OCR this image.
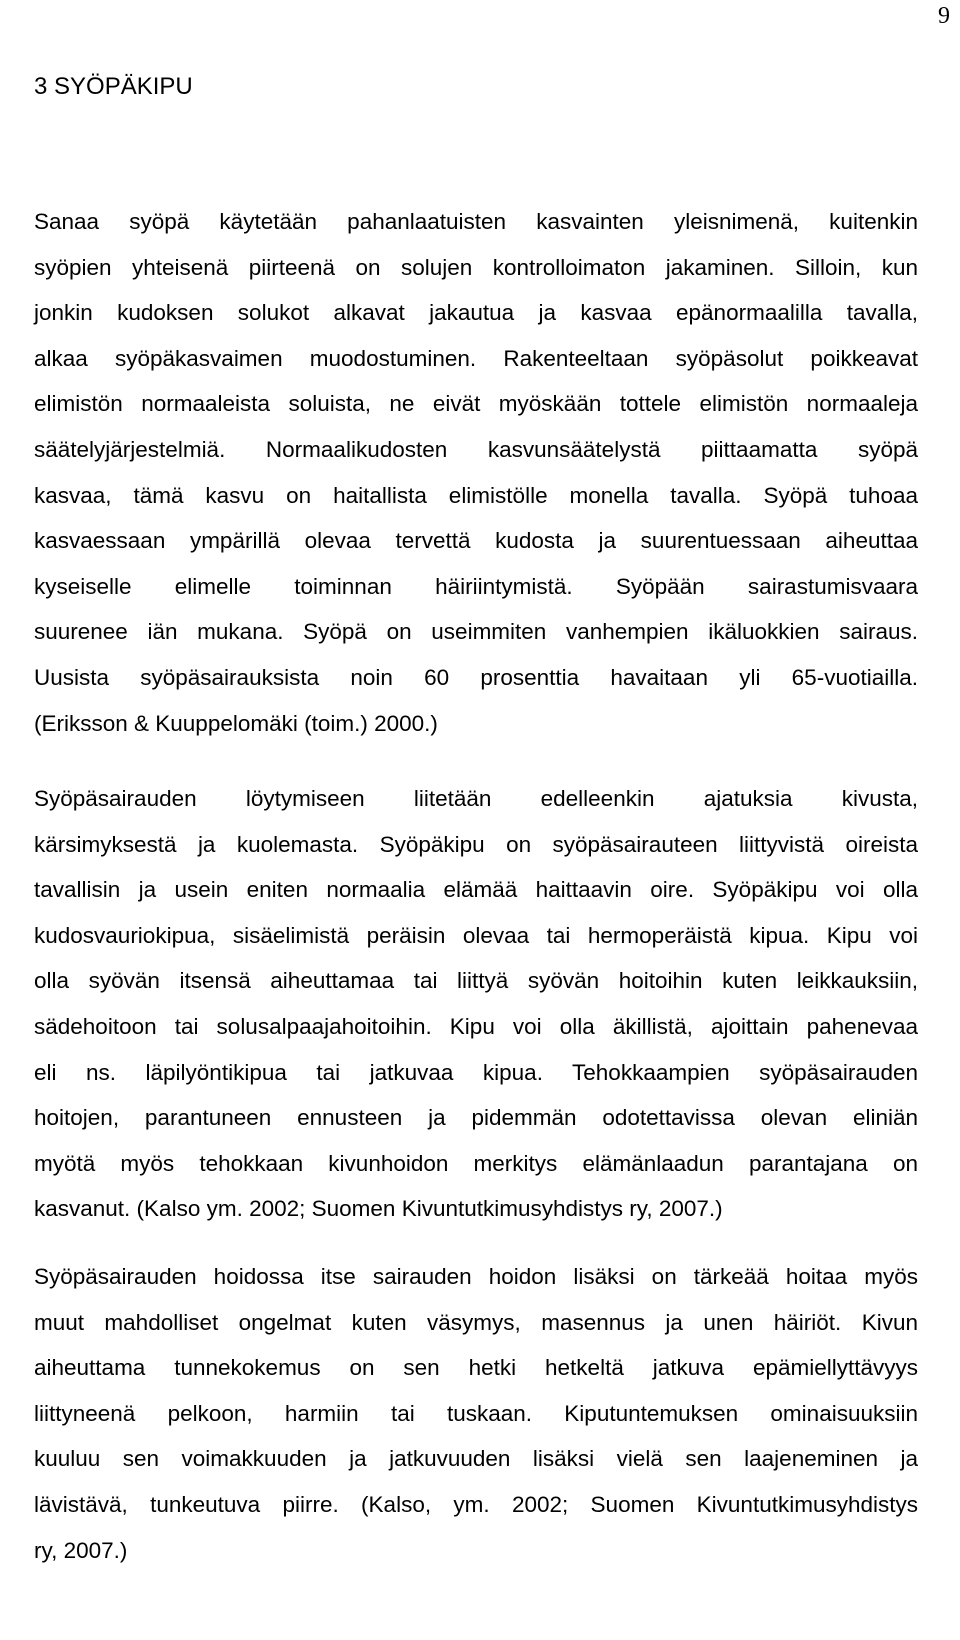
9
3 SYÖPÄKIPU

Sanaa syöpä käytetään pahanlaatuisten kasvainten yleisnimenä, kuitenkin
syöpien yhteisenä piirteenä on solujen kontrolloimaton jakaminen. Silloin, kun
jonkin kudoksen solukot alkavat jakautua ja kasvaa epänormaalilla tavalla,
alkaa syöpäkasvaimen muodostuminen. Rakenteeltaan syöpäsolut poikkeavat
elimistön normaaleista soluista, ne eivät myöskään tottele elimistön normaaleja
säätelyjärjestelmiä. Normaalikudosten kasvunsäätelystä piittaamatta syöpä
kasvaa, tämä kasvu on haitallista elimistölle monella tavalla. Syöpä tuhoaa
kasvaessaan ympärillä olevaa tervettä kudosta ja suurentuessaan aiheuttaa
kyseiselle elimelle toiminnan häiriintymistä. Syöpään sairastumisvaara
suurenee iän mukana. Syöpä on useimmiten vanhempien ikäluokkien sairaus.
Uusista syöpäsairauksista noin 60 prosenttia havaitaan yli 65-vuotiailla.
(Eriksson & Kuuppelomäki (toim.) 2000.)

Syöpäsairauden löytymiseen liitetään edelleenkin ajatuksia kivusta,
kärsimyksestä ja kuolemasta. Syöpäkipu on syöpäsairauteen liittyvistä oireista
tavallisin ja usein eniten normaalia elämää haittaavin oire. Syöpäkipu voi olla
kudosvauriokipua, sisäelimistä peräisin olevaa tai hermoperäistä kipua. Kipu voi
olla syövän itsensä aiheuttamaa tai liittyä syövän hoitoihin kuten leikkauksiin,
sädehoitoon tai solusalpaajahoitoihin. Kipu voi olla äkillistä, ajoittain pahenevaa
eli ns. läpilyöntikipua tai jatkuvaa kipua. Tehokkaampien syöpäsairauden
hoitojen, parantuneen ennusteen ja pidemmän odotettavissa olevan eliniän
myötä myös tehokkaan kivunhoidon merkitys elämänlaadun parantajana on
kasvanut. (Kalso ym. 2002; Suomen Kivuntutkimusyhdistys ry, 2007.)

Syöpäsairauden hoidossa itse sairauden hoidon lisäksi on tärkeää hoitaa myös
muut mahdolliset ongelmat kuten väsymys, masennus ja unen häiriöt. Kivun
aiheuttama tunnekokemus on sen hetki hetkeltä jatkuva epämiellyttävyys
liittyneenä pelkoon, harmiin tai tuskaan. Kiputuntemuksen ominaisuuksiin
kuuluu sen voimakkuuden ja jatkuvuuden lisäksi vielä sen laajeneminen ja
lävistävä, tunkeutuva piirre. (Kalso, ym. 2002; Suomen Kivuntutkimusyhdistys
ry, 2007.)
